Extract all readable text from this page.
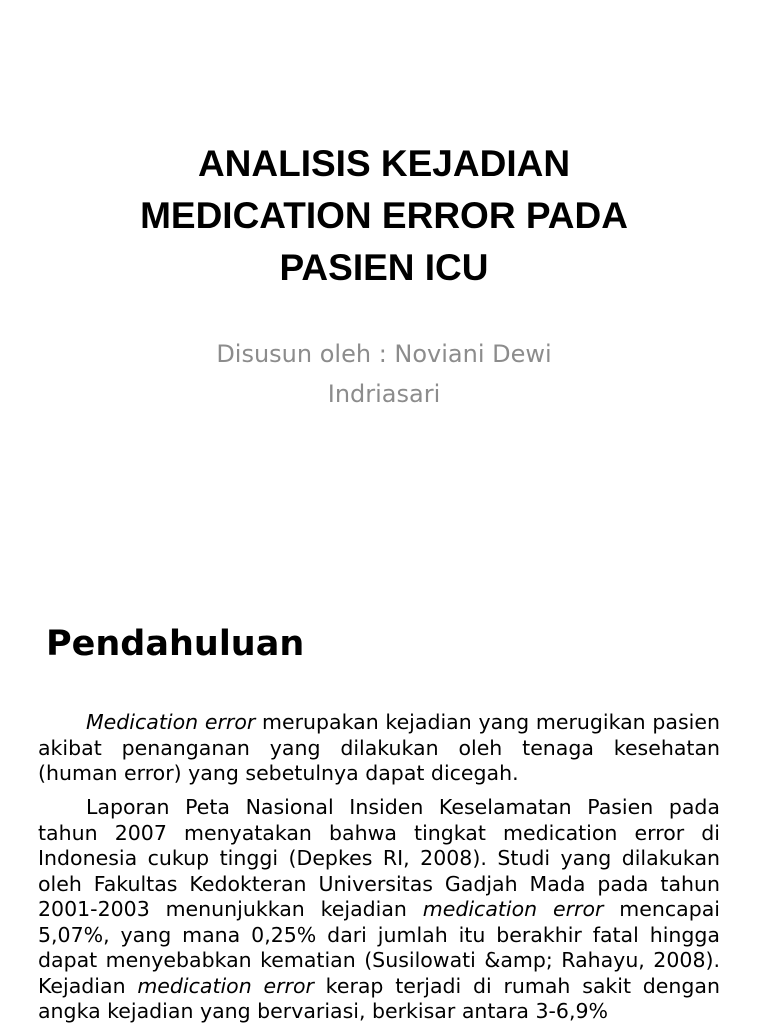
ANALISIS KEJADIAN
MEDICATION ERROR PADA
PASIEN ICU

Disusun oleh : Noviani Dewi
Indriasari

Pendahuluan

Medication error merupakan kejadian yang merugikan pasien akibat penanganan yang dilakukan oleh tenaga kesehatan (human error) yang sebetulnya dapat dicegah.

Laporan Peta Nasional Insiden Keselamatan Pasien pada tahun 2007 menyatakan bahwa tingkat medication error di Indonesia cukup tinggi (Depkes RI, 2008). Studi yang dilakukan oleh Fakultas Kedokteran Universitas Gadjah Mada pada tahun 2001-2003 menunjukkan kejadian medication error mencapai 5,07%, yang mana 0,25% dari jumlah itu berakhir fatal hingga dapat menyebabkan kematian (Susilowati &amp; Rahayu, 2008). Kejadian medication error kerap terjadi di rumah sakit dengan angka kejadian yang bervariasi, berkisar antara 3-6,9%
